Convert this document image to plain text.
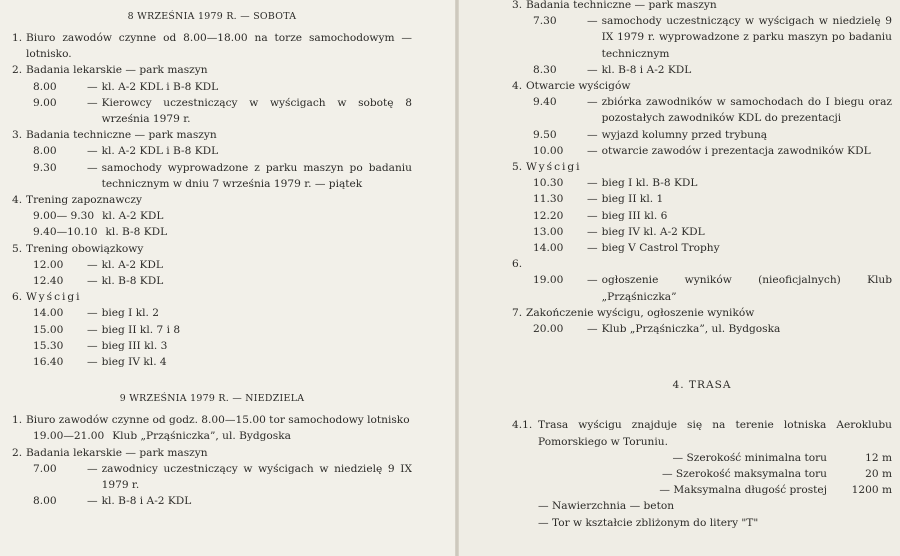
8 WRZEŚNIA 1979 R. — SOBOTA
1. Biuro zawodów czynne od 8.00—18.00 na torze samochodowym — lotnisko.
2. Badania lekarskie — park maszyn
8.00	— kl. A-2 KDL i B-8 KDL
9.00	— Kierowcy uczestniczący w wyścigach w sobotę 8 września 1979 r.
3. Badania techniczne — park maszyn
8.00	— kl. A-2 KDL i B-8 KDL
9.30	— samochody wyprowadzone z parku maszyn po badaniu technicznym w dniu 7 września 1979 r. — piątek
4. Trening zapoznawczy
9.00— 9.30 kl. A-2 KDL
9.40—10.10 kl. B-8 KDL
5. Trening obowiązkowy
12.00	— kl. A-2 KDL
12.40	— kl. B-8 KDL
6. Wyścigi
14.00	— bieg I kl. 2
15.00	— bieg II kl. 7 i 8
15.30	— bieg III kl. 3
16.40	— bieg IV kl. 4
9 WRZEŚNIA 1979 R. — NIEDZIELA
1. Biuro zawodów czynne od godz. 8.00—15.00 tor samochodowy lotnisko
19.00—21.00 Klub „Prząśniczka”, ul. Bydgoska
2. Badania lekarskie — park maszyn
7.00	— zawodnicy uczestniczący w wyścigach w niedzielę 9 IX 1979 r.
8.00	— kl. B-8 i A-2 KDL
3. Badania techniczne — park maszyn
7.30	— samochody uczestniczący w wyścigach w niedzielę 9 IX 1979 r. wyprowadzone z parku maszyn po badaniu technicznym
8.30	— kl. B-8 i A-2 KDL
4. Otwarcie wyścigów
9.40	— zbiórka zawodników w samochodach do I biegu oraz pozostałych zawodników KDL do prezentacji
9.50	— wyjazd kolumny przed trybuną
10.00	— otwarcie zawodów i prezentacja zawodników KDL
5. Wyścigi
10.30	— bieg I kl. B-8 KDL
11.30	— bieg II kl. 1
12.20	— bieg III kl. 6
13.00	— bieg IV kl. A-2 KDL
14.00	— bieg V Castrol Trophy
6.

19.00	— ogłoszenie wyników (nieoficjalnych) Klub „Prząśniczka”
7. Zakończenie wyścigu, ogłoszenie wyników
20.00	— Klub „Prząśniczka”, ul. Bydgoska
4. TRASA
4.1. Trasa wyścigu znajduje się na terenie lotniska Aeroklubu Pomorskiego w Toruniu.
— Szerokość minimalna toru	12 m
— Szerokość maksymalna toru	20 m
— Maksymalna długość prostej	1200 m
— Nawierzchnia — beton
— Tor w kształcie zbliżonym do litery "T"
